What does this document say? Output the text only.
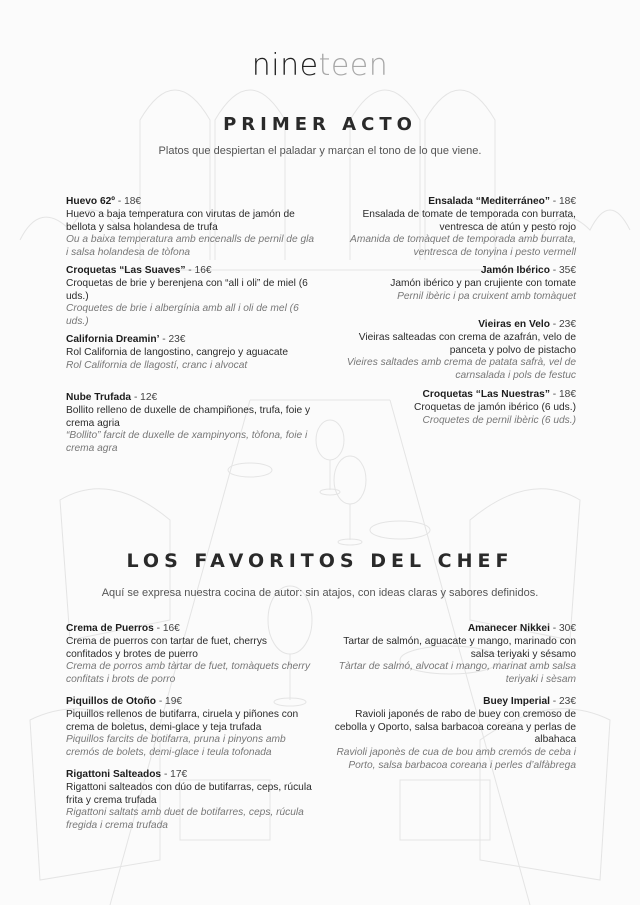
nineteen
PRIMER ACTO
Platos que despiertan el paladar y marcan el tono de lo que viene.
Huevo 62º - 18€
Huevo a baja temperatura con virutas de jamón de bellota y salsa holandesa de trufa
Ou a baixa temperatura amb encenalls de pernil de gla i salsa holandesa de tòfona
Croquetas “Las Suaves” - 16€
Croquetas de brie y berenjena con “all i oli” de miel (6 uds.)
Croquetes de brie i albergínia amb all i oli de mel (6 uds.)
California Dreamin’ - 23€
Rol California de langostino, cangrejo y aguacate
Rol California de llagostí, cranc i alvocat
Nube Trufada - 12€
Bollito relleno de duxelle de champiñones, trufa, foie y crema agria
“Bollito” farcit de duxelle de xampinyons, tòfona, foie i crema agra
Ensalada “Mediterráneo” - 18€
Ensalada de tomate de temporada con burrata, ventresca de atún y pesto rojo
Amanida de tomàquet de temporada amb burrata, ventresca de tonyina i pesto vermell
Jamón Ibérico - 35€
Jamón ibérico y pan crujiente con tomate
Pernil ibèric i pa cruixent amb tomàquet
Vieiras en Velo - 23€
Vieiras salteadas con crema de azafrán, velo de panceta y polvo de pistacho
Vieires saltades amb crema de patata safrà, vel de carnsalada i pols de festuc
Croquetas “Las Nuestras” - 18€
Croquetas de jamón ibérico (6 uds.)
Croquetes de pernil ibèric (6 uds.)
LOS FAVORITOS DEL CHEF
Aquí se expresa nuestra cocina de autor: sin atajos, con ideas claras y sabores definidos.
Crema de Puerros - 16€
Crema de puerros con tartar de fuet, cherrys confitados y brotes de puerro
Crema de porros amb tàrtar de fuet, tomàquets cherry confitats i brots de porro
Piquillos de Otoño - 19€
Piquillos rellenos de butifarra, ciruela y piñones con crema de boletus, demi-glace y teja trufada
Piquillos farcits de botifarra, pruna i pinyons amb cremós de bolets, demi-glace i teula tofonada
Rigattoni Salteados - 17€
Rigattoni salteados con dúo de butifarras, ceps, rúcula frita y crema trufada
Rigattoni saltats amb duet de botifarres, ceps, rúcula fregida i crema trufada
Amanecer Nikkei - 30€
Tartar de salmón, aguacate y mango, marinado con salsa teriyaki y sésamo
Tàrtar de salmó, alvocat i mango, marinat amb salsa teriyaki i sèsam
Buey Imperial - 23€
Ravioli japonés de rabo de buey con cremoso de cebolla y Oporto, salsa barbacoa coreana y perlas de albahaca
Ravioli japonès de cua de bou amb cremós de ceba i Porto, salsa barbacoa coreana i perles d’alfàbrega
